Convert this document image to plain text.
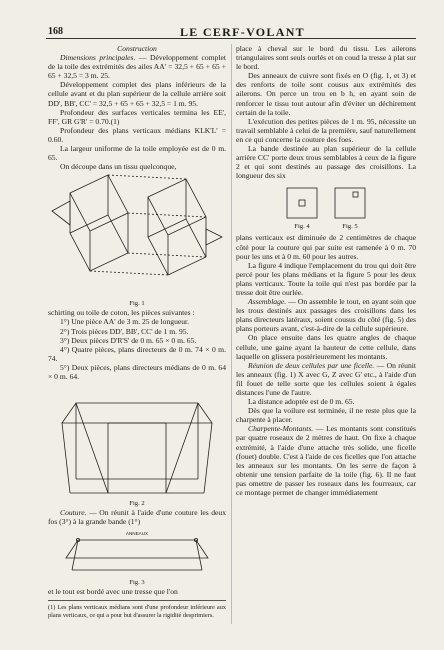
168	LE CERF-VOLANT

Construction

Dimensions principales. — Développement complet de la toile des extrémités des ailes AA' = 32,5 + 65 + 65 + 65 + 32,5 = 3 m. 25.

Développement complet des plans inférieurs de la cellule avant et du plan supérieur de la cellule arrière soit DD', BB', CC' = 32,5 + 65 + 65 + 32,5 = 1 m. 95.

Profondeur des surfaces verticales termina les EE', FF', GR G'R' = 0.70.(1)

Profondeur des plans verticaux médians KLK'L' = 0.60.

La largeur uniforme de la toile employée est de 0 m. 65.

On découpe dans un tissu quelconque,

Fig. 1

schirting ou toile de coton, les pièces suivantes :

1°) Une pièce AA' de 3 m. 25 de longueur.

2°) Trois pièces DD', BB', CC' de 1 m. 95.

3°) Deux pièces D'R'S' de 0 m. 65 × 0 m. 65.

4°) Quatre pièces, plans directeurs de 0 m. 74 × 0 m. 74.

5°) Deux pièces, plans directeurs médians de 0 m. 64 × 0 m. 64.

Fig. 2

Couture. — On réunit à l'aide d'une couture les deux fos (3°) à la grande bande (1°)

ANNEAUX
Fig. 3

et le tout est bordé avec une tresse que l'on

(1) Les plans verticaux médians sont d'une profondeur inférieure aux plans verticaux, ce qui a pour but d'assurer la rigidité desprimiers.

place à cheval sur le bord du tissu. Les ailerons triangulaires sont seuls ourlés et on coud la tresse à plat sur le bord.

Des anneaux de cuivre sont fixés en O (fig. 1, et 3) et des renforts de toile sont cousus aux extrémités des ailerons. On perce un trou en b h, en ayant soin de renforcer le tissu tout autour afin d'éviter un déchirement certain de la toile.

L'exécution des petites pièces de 1 m. 95, nécessite un travail semblable à celui de la première, sauf naturellement en ce qui concerne la couture des foes.

La bande destinée au plan supérieur de la cellule arrière CC' porte deux trous semblables à ceux de la figure 2 et qui sont destinés au passage des croisillons. La longueur des six

Fig. 4	Fig. 5

plans verticaux est diminuée de 2 centimètres de chaque côté pour la couture qui par suite est ramenée à 0 m. 70 pour les uns et à 0 m. 60 pour les autres.

La figure 4 indique l'emplacement du trou qui doit être percé pour les plans médians et la figure 5 pour les deux plans verticaux. Toute la toile qui n'est pas bordée par la tresse doit être ourlée.

Assemblage. — On assemble le tout, en ayant soin que les trous destinés aux passages des croisillons dans les plans directeurs latéraux, soient cousus du côté (fig. 5) des plans porteurs avant, c'est-à-dire de la cellule supérieure.

On place ensuite dans les quatre angles de chaque cellule, une gaine ayant la hauteur de cette cellule, dans laquelle on glissera postérieurement les montants.

Réunion de deux cellules par une ficelle. — On réunit les anneaux (fig. 1) X avec G, Z avec G' etc., à l'aide d'un fil fouet de telle sorte que les cellules soient à égales distances l'une de l'autre.

La distance adoptée est de 0 m. 65.

Dès que la voilure est terminée, il ne reste plus que la charpente à placer.

Charpente-Montants. — Les montants sont constitués par quatre roseaux de 2 mètres de haut. On fixe à chaque extrémité, à l'aide d'une attache très solide, une ficelle (fouet) double. C'est à l'aide de ces ficelles que l'on attache les anneaux sur les montants. On les serre de façon à obtenir une tension parfaite de la toile (fig. 6). Il ne faut pas omettre de passer les roseaux dans les fourreaux, car ce montage permet de changer immédiatement
